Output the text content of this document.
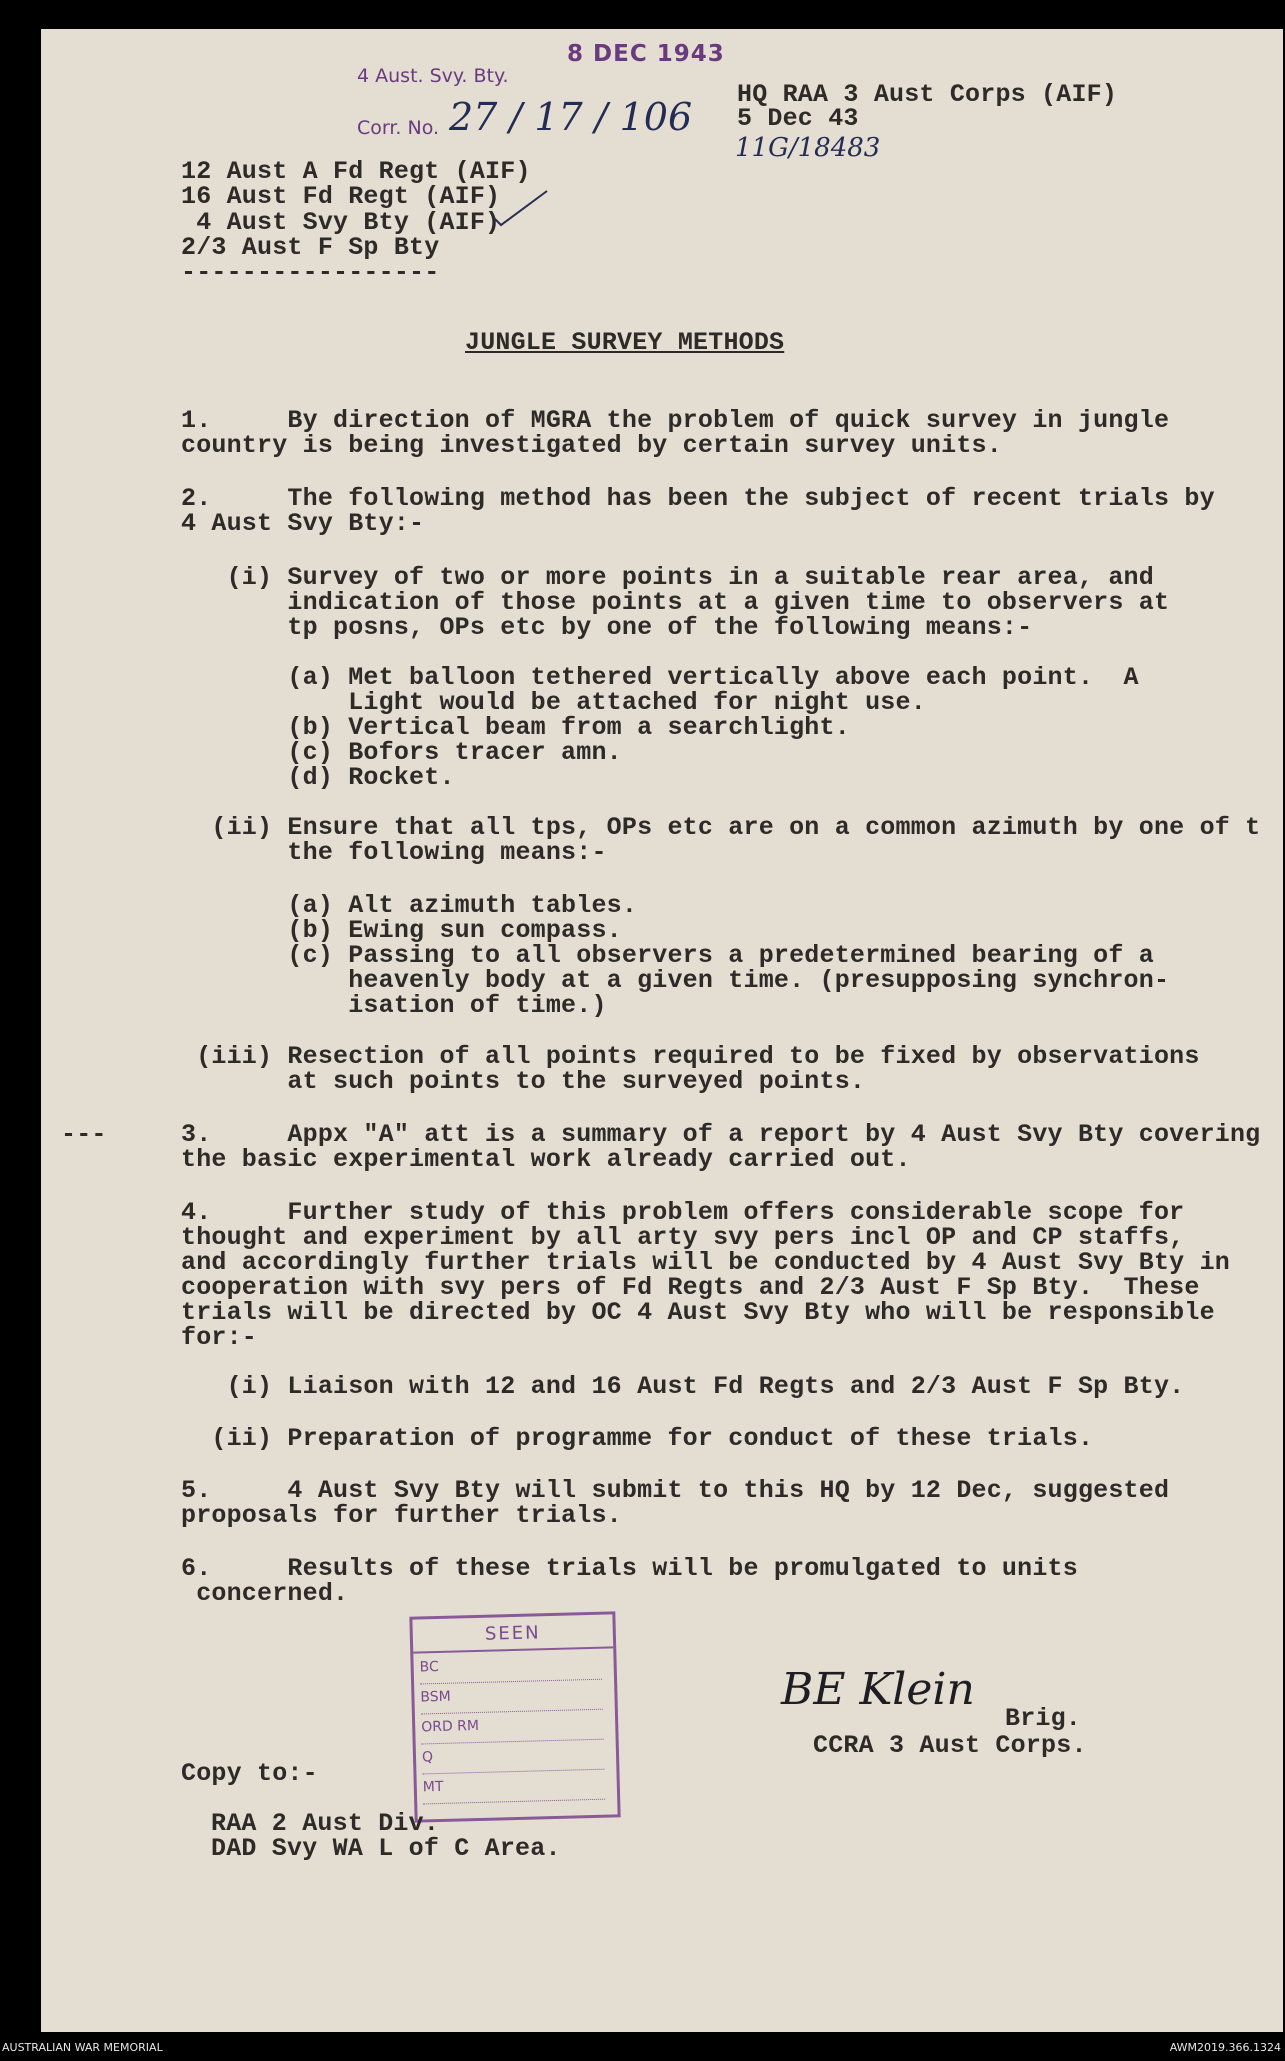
4 Aust. Svy. Bty.
8 DEC 1943
Corr. No. 27 / 17 / 106
HQ RAA 3 Aust Corps (AIF)
5 Dec 43
11G/18483
12 Aust A Fd Regt (AIF)
16 Aust Fd Regt (AIF)
4 Aust Svy Bty (AIF)
2/3 Aust F Sp Bty
-----------------
JUNGLE SURVEY METHODS
1.     By direction of MGRA the problem of quick survey in jungle
country is being investigated by certain survey units.
2.     The following method has been the subject of recent trials by
4 Aust Svy Bty:-
(i) Survey of two or more points in a suitable rear area, and
indication of those points at a given time to observers at
tp posns, OPs etc by one of the following means:-
(a) Met balloon tethered vertically above each point.  A
Light would be attached for night use.
(b) Vertical beam from a searchlight.
(c) Bofors tracer amn.
(d) Rocket.
(ii) Ensure that all tps, OPs etc are on a common azimuth by one of t
the following means:-
(a) Alt azimuth tables.
(b) Ewing sun compass.
(c) Passing to all observers a predetermined bearing of a
heavenly body at a given time. (presupposing synchron-
isation of time.)
(iii) Resection of all points required to be fixed by observations
at such points to the surveyed points.
---	3.     Appx "A" att is a summary of a report by 4 Aust Svy Bty covering
the basic experimental work already carried out.
4.     Further study of this problem offers considerable scope for
thought and experiment by all arty svy pers incl OP and CP staffs,
and accordingly further trials will be conducted by 4 Aust Svy Bty in
cooperation with svy pers of Fd Regts and 2/3 Aust F Sp Bty.  These
trials will be directed by OC 4 Aust Svy Bty who will be responsible
for:-
(i) Liaison with 12 and 16 Aust Fd Regts and 2/3 Aust F Sp Bty.
(ii) Preparation of programme for conduct of these trials.
5.     4 Aust Svy Bty will submit to this HQ by 12 Dec, suggested
proposals for further trials.
6.     Results of these trials will be promulgated to units
concerned.
SEEN
BC
BSM
ORD RM
Q
MT
BE Klein
Brig.
CCRA 3 Aust Corps.
Copy to:-
RAA 2 Aust Div.
DAD Svy WA L of C Area.
AUSTRALIAN WAR MEMORIAL	AWM2019.366.1324
